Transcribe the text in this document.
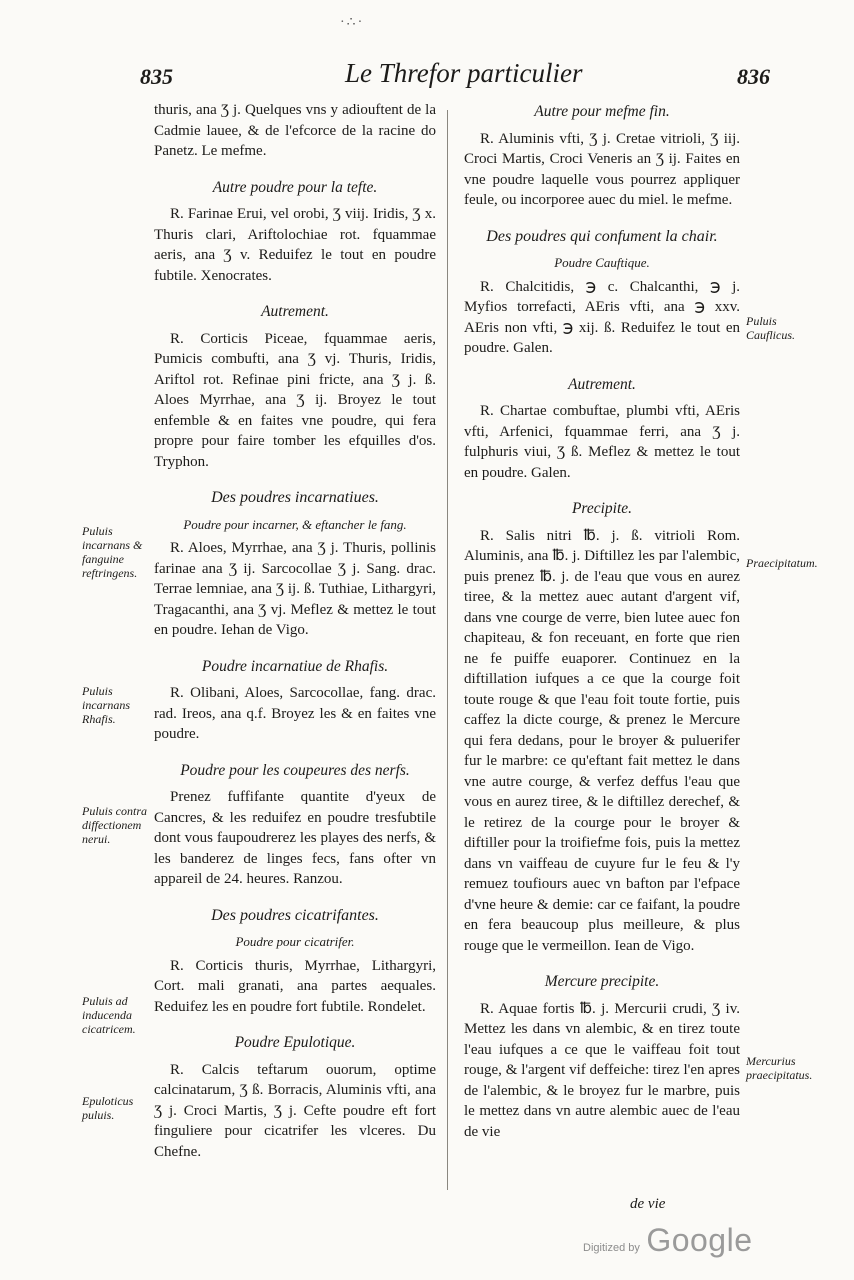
·∴·
835	Le Threfor particulier	836

thuris, ana Ʒ j. Quelques vns y adiouftent de la Cadmie lauee, & de l'efcorce de la racine do Panetz. Le mefme.

Autre poudre pour la tefte.

R. Farinae Erui, vel orobi, Ʒ viij. Iridis, Ʒ x. Thuris clari, Ariftolochiae rot. fquammae aeris, ana Ʒ v. Reduifez le tout en poudre fubtile. Xenocrates.

Autrement.

R. Corticis Piceae, fquammae aeris, Pumicis combufti, ana Ʒ vj. Thuris, Iridis, Ariftol rot. Refinae pini fricte, ana Ʒ j. ß. Aloes Myrrhae, ana Ʒ ij. Broyez le tout enfemble & en faites vne poudre, qui fera propre pour faire tomber les efquilles d'os. Tryphon.

Des poudres incarnatiues.
Poudre pour incarner, & eftancher le fang.

R. Aloes, Myrrhae, ana Ʒ j. Thuris, pollinis farinae ana Ʒ ij. Sarcocollae Ʒ j. Sang. drac. Terrae lemniae, ana Ʒ ij. ß. Tuthiae, Lithargyri, Tragacanthi, ana Ʒ vj. Meflez & mettez le tout en poudre. Iehan de Vigo.

Poudre incarnatiue de Rhafis.

R. Olibani, Aloes, Sarcocollae, fang. drac. rad. Ireos, ana q.f. Broyez les & en faites vne poudre.

Poudre pour les coupeures des nerfs.

Prenez fuffifante quantite d'yeux de Cancres, & les reduifez en poudre tresfubtile dont vous faupoudrerez les playes des nerfs, & les banderez de linges fecs, fans ofter vn appareil de 24. heures. Ranzou.

Des poudres cicatrifantes.
Poudre pour cicatrifer.

R. Corticis thuris, Myrrhae, Lithargyri, Cort. mali granati, ana partes aequales. Reduifez les en poudre fort fubtile. Rondelet.

Poudre Epulotique.

R. Calcis teftarum ouorum, optime calcinatarum, Ʒ ß. Borracis, Aluminis vfti, ana Ʒ j. Croci Martis, Ʒ j. Cefte poudre eft fort finguliere pour cicatrifer les vlceres. Du Chefne.

Autre pour mefme fin.

R. Aluminis vfti, Ʒ j. Cretae vitrioli, Ʒ iij. Croci Martis, Croci Veneris an Ʒ ij. Faites en vne poudre laquelle vous pourrez appliquer feule, ou incorporee auec du miel. le mefme.

Des poudres qui confument la chair.
Poudre Cauftique.

R. Chalcitidis, ℈ c. Chalcanthi, ℈ j. Myfios torrefacti, AEris vfti, ana ℈ xxv. AEris non vfti, ℈ xij. ß. Reduifez le tout en poudre. Galen.

Autrement.

R. Chartae combuftae, plumbi vfti, AEris vfti, Arfenici, fquammae ferri, ana Ʒ j. fulphuris viui, Ʒ ß. Meflez & mettez le tout en poudre. Galen.

Precipite.

R. Salis nitri ℔. j. ß. vitrioli Rom. Aluminis, ana ℔. j. Diftillez les par l'alembic, puis prenez ℔. j. de l'eau que vous en aurez tiree, & la mettez auec autant d'argent vif, dans vne courge de verre, bien lutee auec fon chapiteau, & fon receuant, en forte que rien ne fe puiffe euaporer. Continuez en la diftillation iufques a ce que la courge foit toute rouge & que l'eau foit toute fortie, puis caffez la dicte courge, & prenez le Mercure qui fera dedans, pour le broyer & puluerifer fur le marbre: ce qu'eftant fait mettez le dans vne autre courge, & verfez deffus l'eau que vous en aurez tiree, & le diftillez derechef, & le retirez de la courge pour le broyer & diftiller pour la troifiefme fois, puis la mettez dans vn vaiffeau de cuyure fur le feu & l'y remuez toufiours auec vn bafton par l'efpace d'vne heure & demie: car ce faifant, la poudre en fera beaucoup plus meilleure, & plus rouge que le vermeillon. Iean de Vigo.

Mercure precipite.

R. Aquae fortis ℔. j. Mercurii crudi, Ʒ iv. Mettez les dans vn alembic, & en tirez toute l'eau iufques a ce que le vaiffeau foit tout rouge, & l'argent vif deffeiche: tirez l'en apres de l'alembic, & le broyez fur le marbre, puis le mettez dans vn autre alembic auec de l'eau de vie

Puluis incarnans & fanguine reftringens.
Puluis incarnans Rhafis.
Puluis contra diffectionem nerui.
Puluis ad inducenda cicatricem.
Epuloticus puluis.
Puluis Cauflicus.
Praecipitatum.
Mercurius praecipitatus.
de vie
Digitized by Google
